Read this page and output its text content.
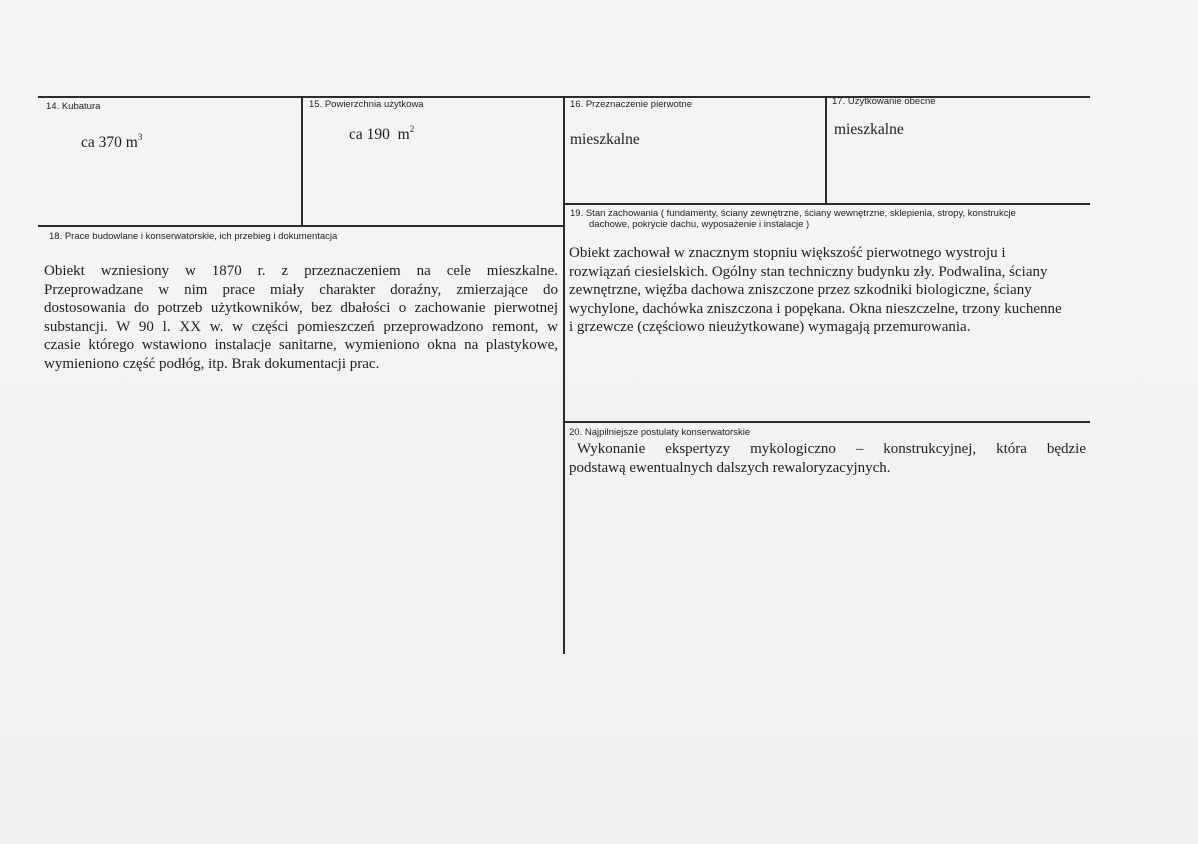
14. Kubatura
ca 370 $m^3$
15. Powierzchnia użytkowa
ca 190  $m^2$
16. Przeznaczenie pierwotne
mieszkalne
17. Użytkowanie obecne
mieszkalne
18. Prace budowlane i konserwatorskie, ich przebieg i dokumentacja
Obiekt wzniesiony w 1870 r. z przeznaczeniem na cele mieszkalne.
Przeprowadzane w nim prace miały charakter doraźny, zmierzające do
dostosowania do potrzeb użytkowników, bez dbałości o zachowanie pierwotnej
substancji. W 90 l. XX w. w części pomieszczeń przeprowadzono remont, w
czasie którego wstawiono instalacje sanitarne, wymieniono okna na plastykowe,
wymieniono część podłóg, itp. Brak dokumentacji prac.
19. Stan zachowania ( fundamenty, ściany zewnętrzne, ściany wewnętrzne, sklepienia, stropy, konstrukcje
dachowe, pokrycie dachu, wyposażenie i instalacje )
Obiekt zachował w znacznym stopniu większość pierwotnego wystroju i
rozwiązań ciesielskich. Ogólny stan techniczny budynku zły. Podwalina, ściany
zewnętrzne, więźba dachowa zniszczone przez szkodniki biologiczne, ściany
wychylone, dachówka zniszczona i popękana. Okna nieszczelne, trzony kuchenne
i grzewcze (częściowo nieużytkowane) wymagają przemurowania.
20. Najpilniejsze postulaty konserwatorskie
Wykonanie ekspertyzy mykologiczno – konstrukcyjnej, która będzie
podstawą ewentualnych dalszych rewaloryzacyjnych.
